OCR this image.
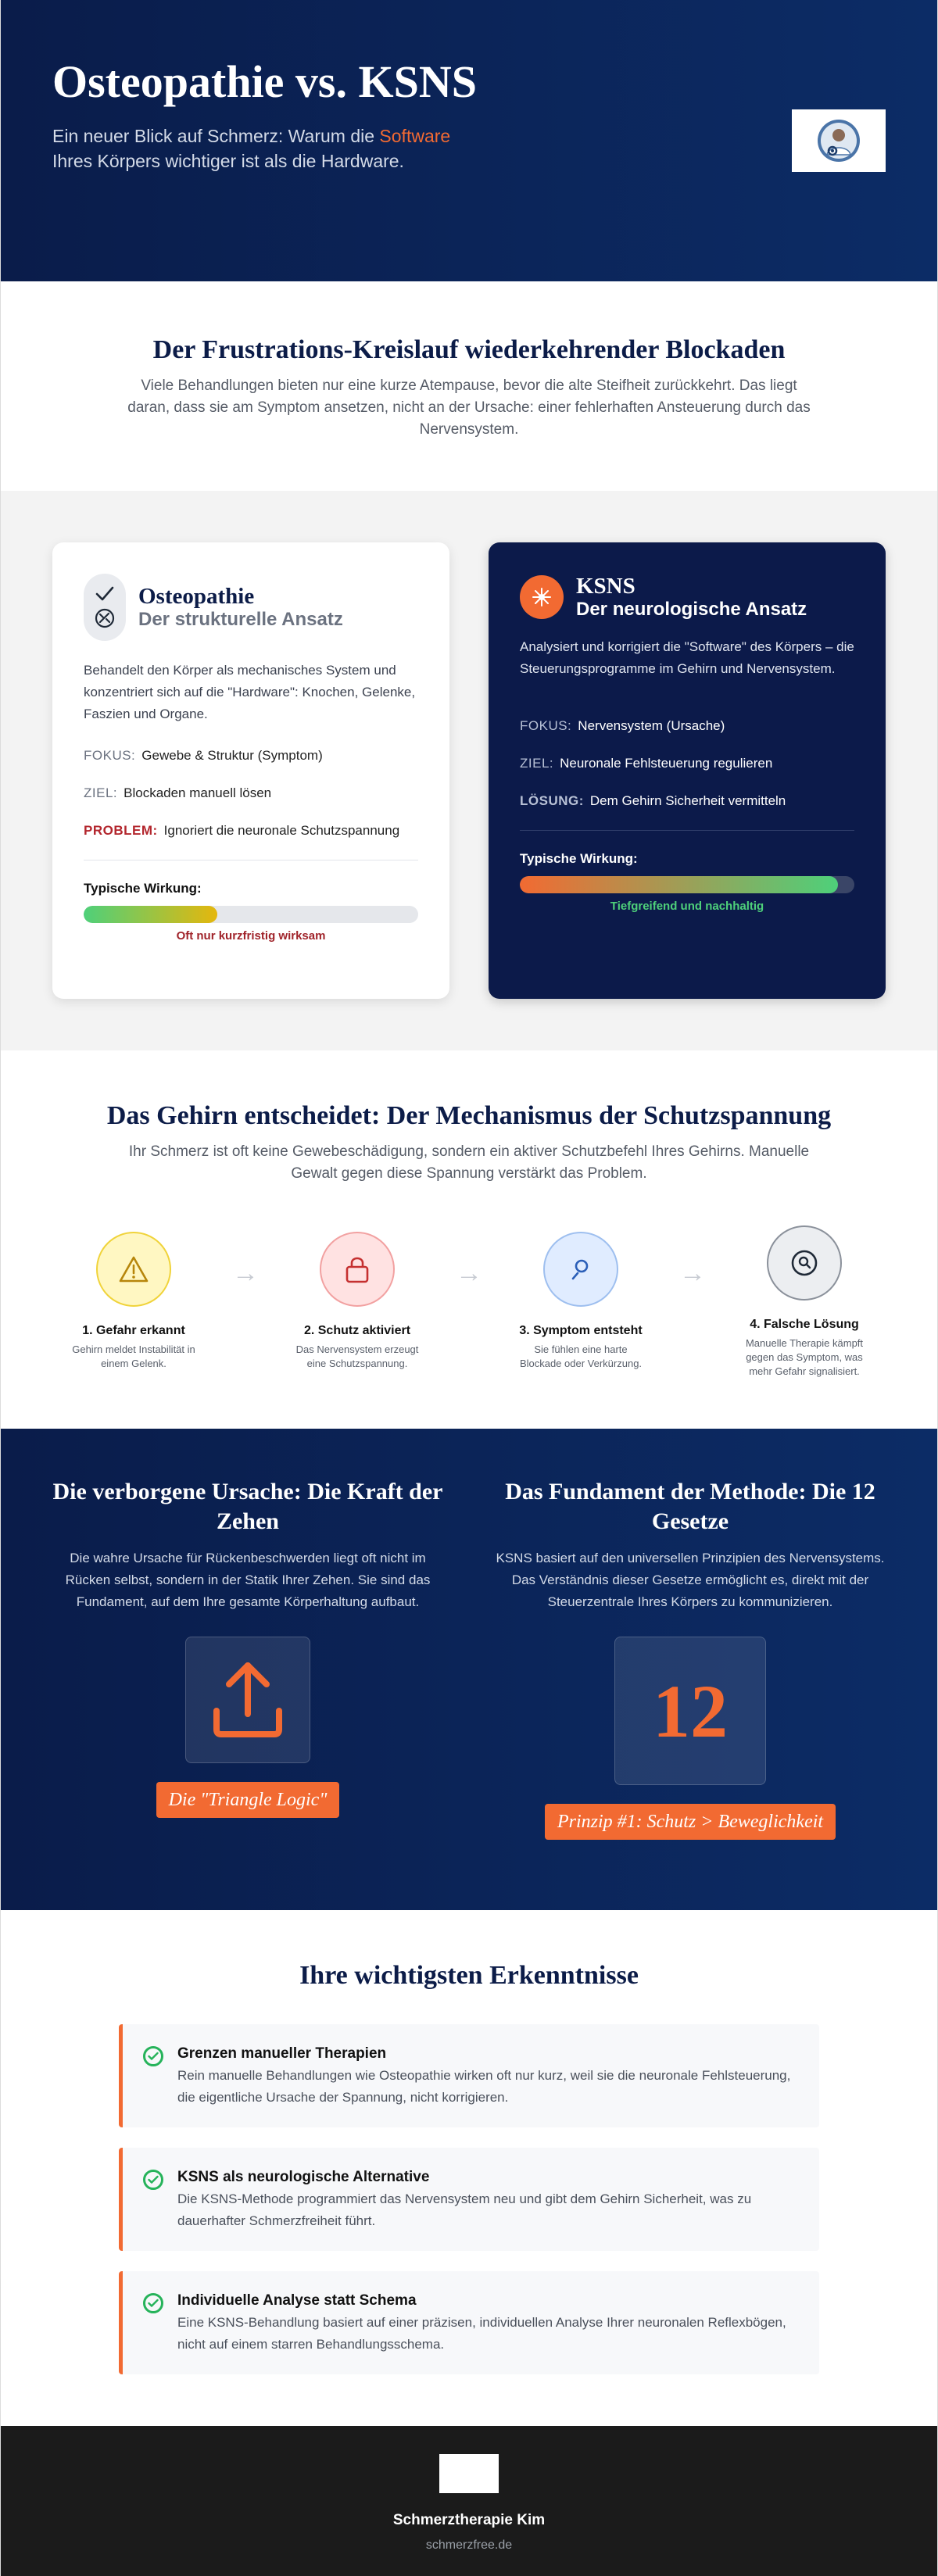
Osteopathie vs. KSNS

Ein neuer Blick auf Schmerz: Warum die Software Ihres Körpers wichtiger ist als die Hardware.

Der Frustrations-Kreislauf wiederkehrender Blockaden

Viele Behandlungen bieten nur eine kurze Atempause, bevor die alte Steifheit zurückkehrt. Das liegt daran, dass sie am Symptom ansetzen, nicht an der Ursache: einer fehlerhaften Ansteuerung durch das Nervensystem.

Osteopathie
Der strukturelle Ansatz

Behandelt den Körper als mechanisches System und konzentriert sich auf die "Hardware": Knochen, Gelenke, Faszien und Organe.

FOKUS: Gewebe & Struktur (Symptom)
ZIEL: Blockaden manuell lösen
PROBLEM: Ignoriert die neuronale Schutzspannung
Typische Wirkung:
Oft nur kurzfristig wirksam
KSNS
Der neurologische Ansatz

Analysiert und korrigiert die "Software" des Körpers – die Steuerungsprogramme im Gehirn und Nervensystem.

FOKUS: Nervensystem (Ursache)
ZIEL: Neuronale Fehlsteuerung regulieren
LÖSUNG: Dem Gehirn Sicherheit vermitteln
Typische Wirkung:
Tiefgreifend und nachhaltig
Das Gehirn entscheidet: Der Mechanismus der Schutzspannung

Ihr Schmerz ist oft keine Gewebeschädigung, sondern ein aktiver Schutzbefehl Ihres Gehirns. Manuelle Gewalt gegen diese Spannung verstärkt das Problem.

1. Gefahr erkannt
Gehirn meldet Instabilität in einem Gelenk.
→
2. Schutz aktiviert
Das Nervensystem erzeugt eine Schutzspannung.
→
3. Symptom entsteht
Sie fühlen eine harte Blockade oder Verkürzung.
→
4. Falsche Lösung
Manuelle Therapie kämpft gegen das Symptom, was mehr Gefahr signalisiert.
Die verborgene Ursache: Die Kraft der Zehen

Die wahre Ursache für Rückenbeschwerden liegt oft nicht im Rücken selbst, sondern in der Statik Ihrer Zehen. Sie sind das Fundament, auf dem Ihre gesamte Körperhaltung aufbaut.

Die "Triangle Logic"
Das Fundament der Methode: Die 12 Gesetze

KSNS basiert auf den universellen Prinzipien des Nervensystems. Das Verständnis dieser Gesetze ermöglicht es, direkt mit der Steuerzentrale Ihres Körpers zu kommunizieren.

12
Prinzip #1: Schutz > Beweglichkeit
Ihre wichtigsten Erkenntnisse
Grenzen manueller Therapien
Rein manuelle Behandlungen wie Osteopathie wirken oft nur kurz, weil sie die neuronale Fehlsteuerung, die eigentliche Ursache der Spannung, nicht korrigieren.
KSNS als neurologische Alternative
Die KSNS-Methode programmiert das Nervensystem neu und gibt dem Gehirn Sicherheit, was zu dauerhafter Schmerzfreiheit führt.
Individuelle Analyse statt Schema
Eine KSNS-Behandlung basiert auf einer präzisen, individuellen Analyse Ihrer neuronalen Reflexbögen, nicht auf einem starren Behandlungsschema.
Schmerztherapie Kim
schmerzfree.de
